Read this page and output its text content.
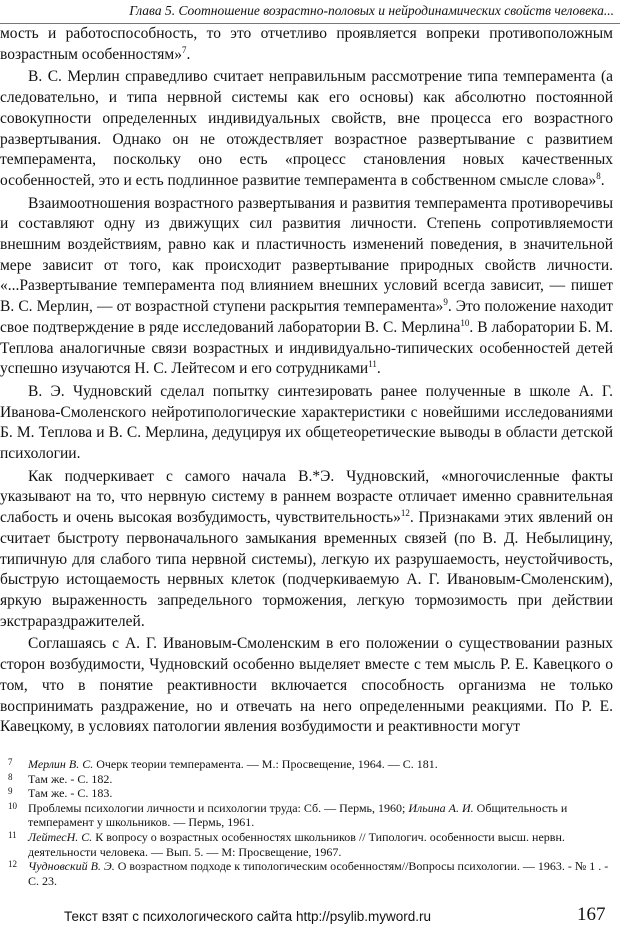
Глава 5. Соотношение возрастно-половых и нейродинамических свойств человека...

мость и работоспособность, то это отчетливо проявляется вопреки противоположным возрастным особенностям»$^7$.

В. С. Мерлин справедливо считает неправильным рассмотрение типа темперамента (а следовательно, и типа нервной системы как его основы) как абсолютно постоянной совокупности определенных индивидуальных свойств, вне процесса его возрастного развертывания. Однако он не отождествляет возрастное развертывание с развитием темперамента, поскольку оно есть «процесс становления новых качественных особенностей, это и есть подлинное развитие темперамента в собственном смысле слова»$^8$.

Взаимоотношения возрастного развертывания и развития темперамента противоречивы и составляют одну из движущих сил развития личности. Степень сопротивляемости внешним воздействиям, равно как и пластичность изменений поведения, в значительной мере зависит от того, как происходит развертывание природных свойств личности. «...Развертывание темперамента под влиянием внешних условий всегда зависит, — пишет В. С. Мерлин, — от возрастной ступени раскрытия темперамента»$^9$. Это положение находит свое подтверждение в ряде исследований лаборатории В. С. Мерлина$^{10}$. В лаборатории Б. М. Теплова аналогичные связи возрастных и индивидуально-типических особенностей детей успешно изучаются Н. С. Лейтесом и его сотрудниками$^{11}$.

В. Э. Чудновский сделал попытку синтезировать ранее полученные в школе А. Г. Иванова-Смоленского нейротипологические характеристики с новейшими исследованиями Б. М. Теплова и В. С. Мерлина, дедуцируя их общетеоретические выводы в области детской психологии.

Как подчеркивает с самого начала В.*Э. Чудновский, «многочисленные факты указывают на то, что нервную систему в раннем возрасте отличает именно сравнительная слабость и очень высокая возбудимость, чувствительность»$^{12}$. Признаками этих явлений он считает быстроту первоначального замыкания временных связей (по В. Д. Небылицину, типичную для слабого типа нервной системы), легкую их разрушаемость, неустойчивость, быструю истощаемость нервных клеток (подчеркиваемую А. Г. Ивановым-Смоленским), яркую выраженность запредельного торможения, легкую тормозимость при действии экстрараздражителей.

Соглашаясь с А. Г. Ивановым-Смоленским в его положении о существовании разных сторон возбудимости, Чудновский особенно выделяет вместе с тем мысль Р. Е. Кавецкого о том, что в понятие реактивности включается способность организма не только воспринимать раздражение, но и отвечать на него определенными реакциями. По Р. Е. Кавецкому, в условиях патологии явления возбудимости и реактивности могут

7 Мерлин В. С. Очерк теории темперамента. — М.: Просвещение, 1964. — С. 181.

8 Там же. - С. 182.

9 Там же. - С. 183.

10 Проблемы психологии личности и психологии труда: Сб. — Пермь, 1960; Ильина А. И. Общительность и темперамент у школьников. — Пермь, 1961.

11 ЛейтесН. С. К вопросу о возрастных особенностях школьников // Типологич. особенности высш. нервн. деятельности человека. — Вып. 5. — М: Просвещение, 1967.

12 Чудновский В. Э. О возрастном подходе к типологическим особенностям//Вопросы психологии. — 1963. - № 1 . - С. 23.

Текст взят с психологического сайта http://psylib.myword.ru	167
